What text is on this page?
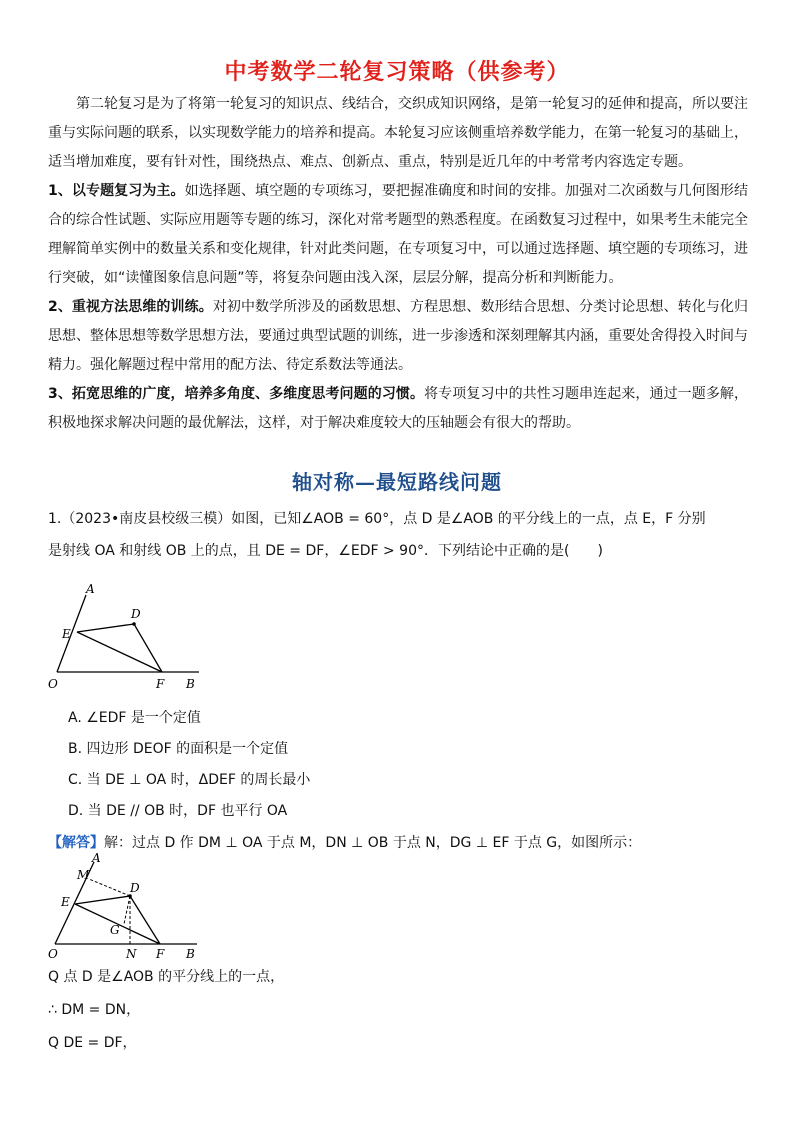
中考数学二轮复习策略（供参考）

第二轮复习是为了将第一轮复习的知识点、线结合，交织成知识网络，是第一轮复习的延伸和提高，所以要注重与实际问题的联系，以实现数学能力的培养和提高。本轮复习应该侧重培养数学能力，在第一轮复习的基础上，适当增加难度，要有针对性，围绕热点、难点、创新点、重点，特别是近几年的中考常考内容选定专题。

1、以专题复习为主。如选择题、填空题的专项练习，要把握准确度和时间的安排。加强对二次函数与几何图形结合的综合性试题、实际应用题等专题的练习，深化对常考题型的熟悉程度。在函数复习过程中，如果考生未能完全理解简单实例中的数量关系和变化规律，针对此类问题，在专项复习中，可以通过选择题、填空题的专项练习，进行突破，如“读懂图象信息问题”等，将复杂问题由浅入深，层层分解，提高分析和判断能力。

2、重视方法思维的训练。对初中数学所涉及的函数思想、方程思想、数形结合思想、分类讨论思想、转化与化归思想、整体思想等数学思想方法，要通过典型试题的训练，进一步渗透和深刻理解其内涵，重要处舍得投入时间与精力。强化解题过程中常用的配方法、待定系数法等通法。

3、拓宽思维的广度，培养多角度、多维度思考问题的习惯。将专项复习中的共性习题串连起来，通过一题多解，积极地探求解决问题的最优解法，这样，对于解决难度较大的压轴题会有很大的帮助。

轴对称—最短路线问题
1.（2023•南皮县校级三模）如图，已知∠AOB = 60°，点 D 是∠AOB 的平分线上的一点，点 E，F 分别
是射线 OA 和射线 OB 上的点，且 DE = DF，∠EDF > 90°．下列结论中正确的是(　　)
A
D
E
O	F B
A. ∠EDF 是一个定值
B. 四边形 DEOF 的面积是一个定值
C. 当 DE ⊥ OA 时，ΔDEF 的周长最小
D. 当 DE // OB 时，DF 也平行 OA
【解答】解：过点 D 作 DM ⊥ OA 于点 M，DN ⊥ OB 于点 N，DG ⊥ EF 于点 G，如图所示：
A
M
D
E
G
O	N F B
Q 点 D 是∠AOB 的平分线上的一点，
∴ DM = DN，
Q DE = DF，
